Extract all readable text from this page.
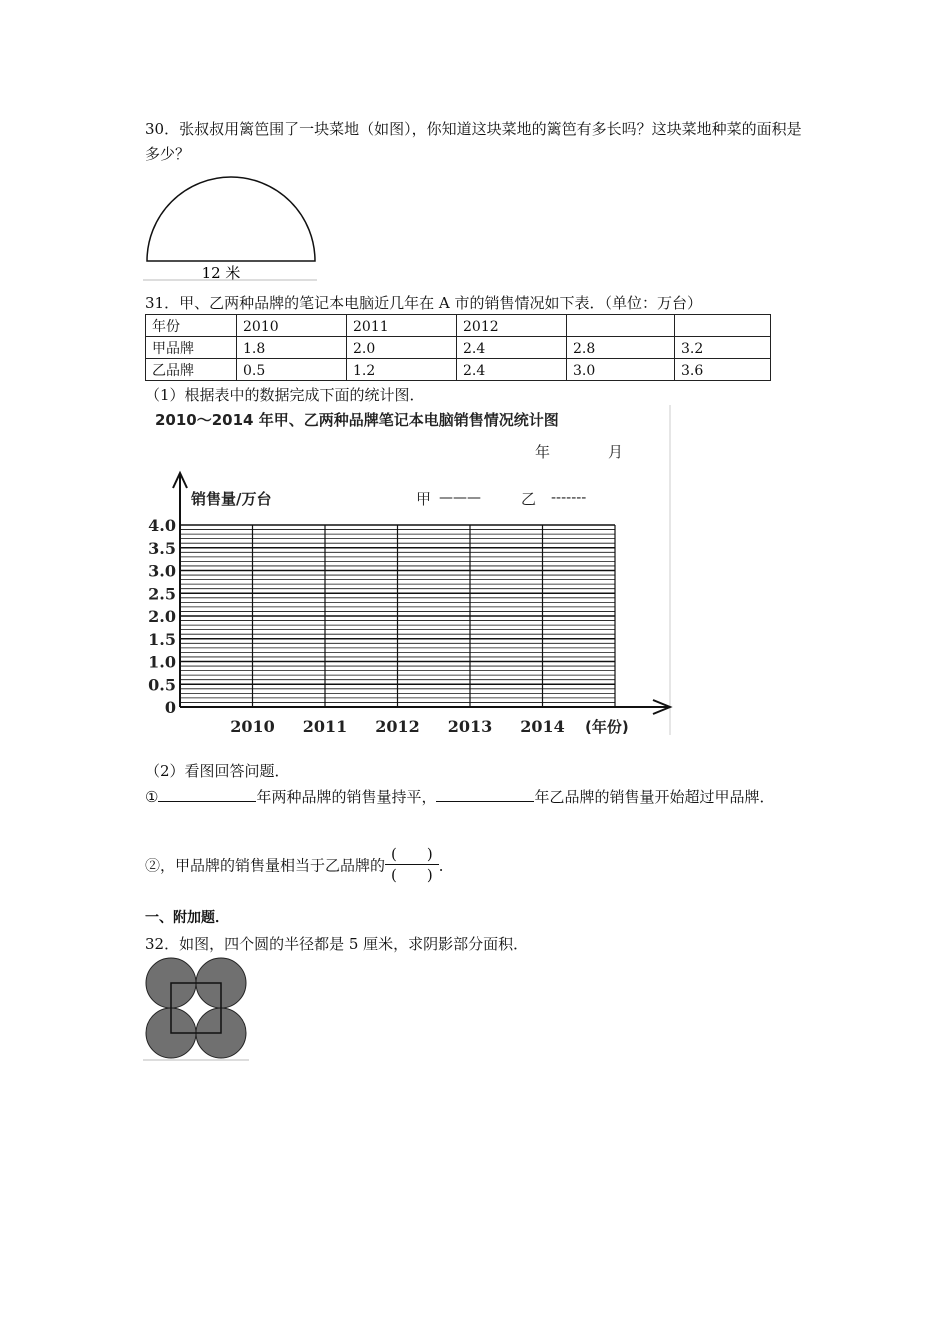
30．张叔叔用篱笆围了一块菜地（如图），你知道这块菜地的篱笆有多长吗？这块菜地种菜的面积是多少？
12 米
31．甲、乙两种品牌的笔记本电脑近几年在 A 市的销售情况如下表．（单位：万台）
年份	2010	2011	2012		
甲品牌	1.8	2.0	2.4	2.8	3.2
乙品牌	0.5	1.2	2.4	3.0	3.6
（1）根据表中的数据完成下面的统计图．
2010～2014 年甲、乙两种品牌笔记本电脑销售情况统计图
年	月
销售量/万台	甲 ———	乙 -------
0
0.5
1.0
1.5
2.0
2.5
3.0
3.5
4.0
2010 2011 2012 2013 2014 (年份)
（2）看图回答问题．
①	年两种品牌的销售量持平，	年乙品牌的销售量开始超过甲品牌．
②，甲品牌的销售量相当于乙品牌的 $\frac{( )}{( )}$ ．
一、附加题．
32．如图，四个圆的半径都是 5 厘米，求阴影部分面积．
